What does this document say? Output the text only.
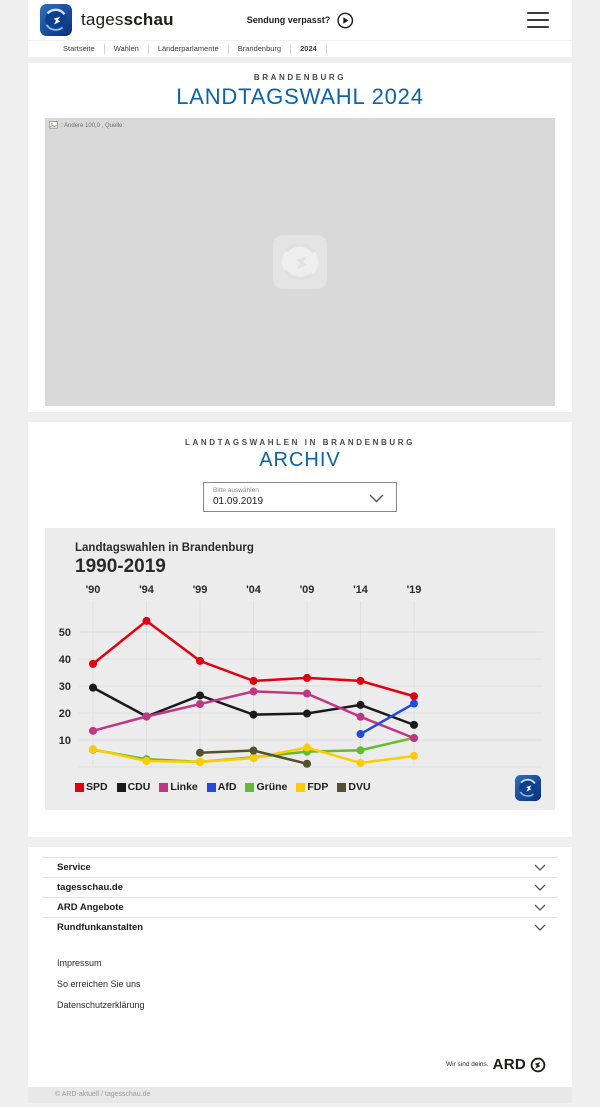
tagesschau	Sendung verpasst?
Startseite	Wahlen	Länderparlamente	Brandenburg	2024
BRANDENBURG
LANDTAGSWAHL 2024
: Andere 100,0 , Quelle:
LANDTAGSWAHLEN IN BRANDENBURG
ARCHIV
Bitte auswählen
01.09.2019
Landtagswahlen in Brandenburg
1990-2019
'90	'94	'99	'04	'09	'14	'19
10
20
30
40
50
SPD CDU Linke AfD Grüne FDP DVU
Service
tagesschau.de
ARD Angebote
Rundfunkanstalten
Impressum
So erreichen Sie uns
Datenschutzerklärung
Wir sind deins. ARD
© ARD-aktuell / tagesschau.de
